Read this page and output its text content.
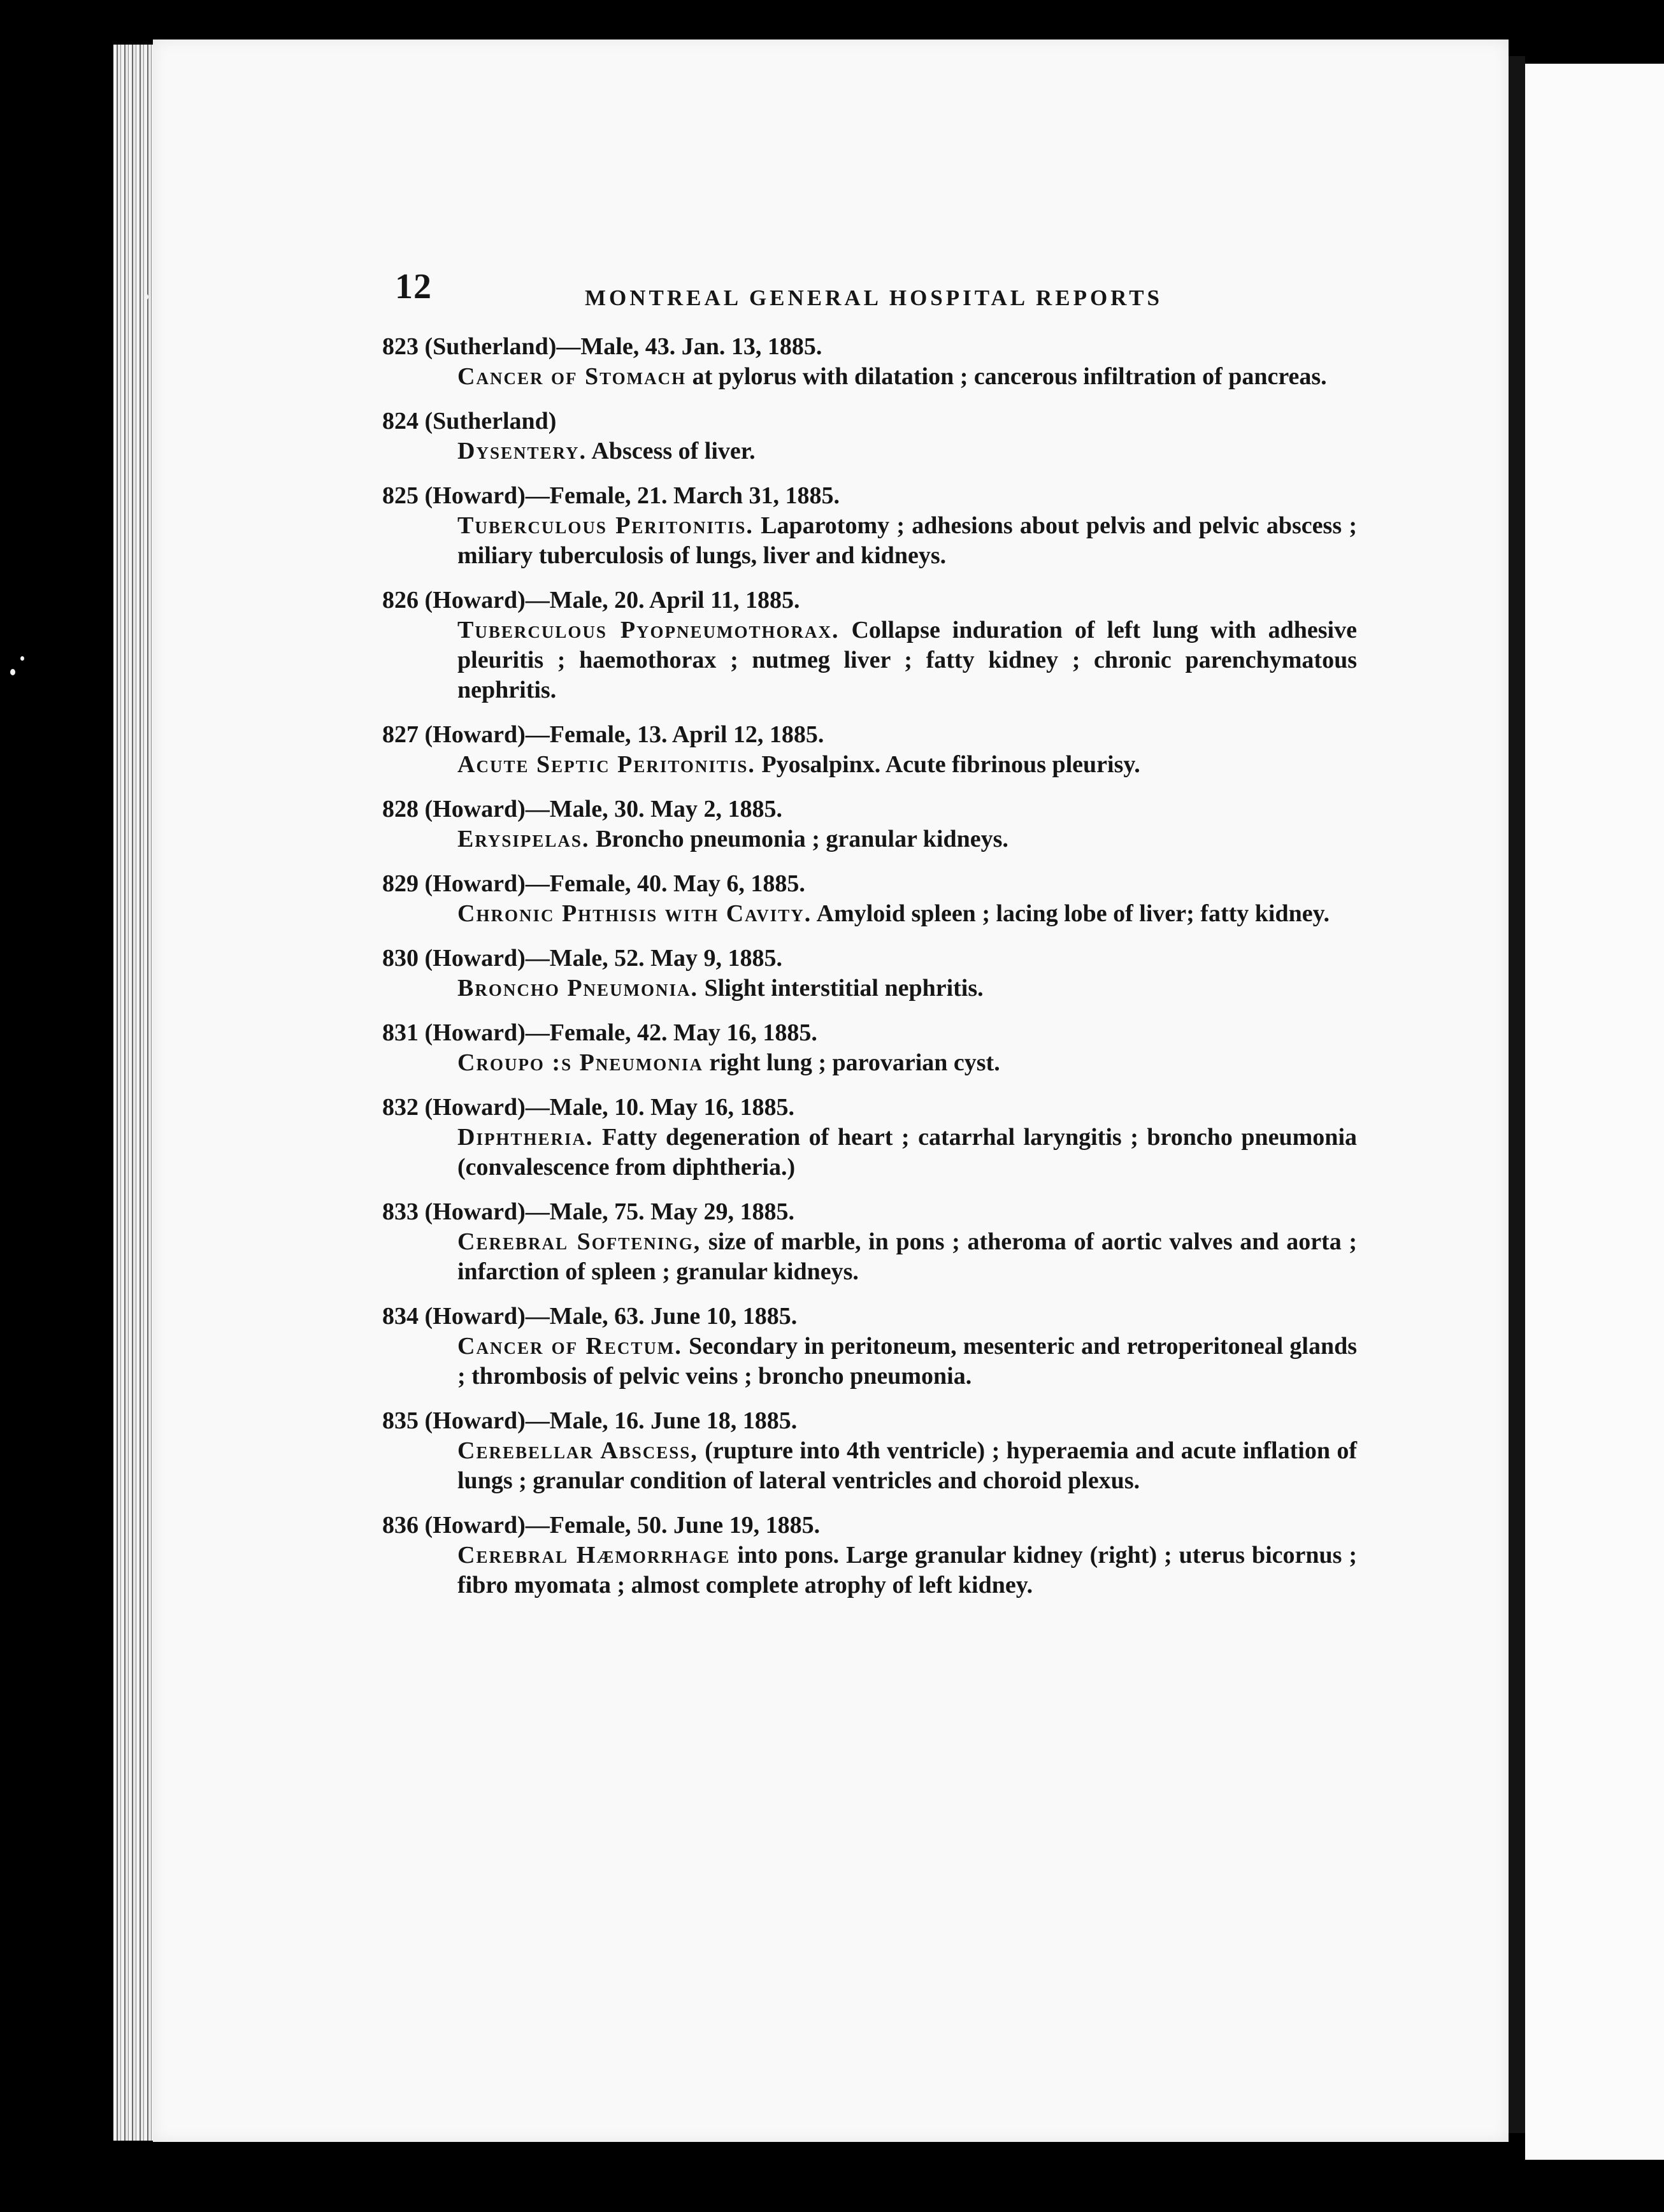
12	MONTREAL GENERAL HOSPITAL REPORTS
823 (Sutherland)—Male, 43. Jan. 13, 1885.
Cancer of Stomach at pylorus with dilatation ; cancerous infiltration of pancreas.
824 (Sutherland)
Dysentery. Abscess of liver.
825 (Howard)—Female, 21. March 31, 1885.
Tuberculous Peritonitis. Laparotomy ; adhesions about pelvis and pelvic abscess ; miliary tuberculosis of lungs, liver and kidneys.
826 (Howard)—Male, 20. April 11, 1885.
Tuberculous Pyopneumothorax. Collapse induration of left lung with adhesive pleuritis ; haemothorax ; nutmeg liver ; fatty kidney ; chronic parenchymatous nephritis.
827 (Howard)—Female, 13. April 12, 1885.
Acute Septic Peritonitis. Pyosalpinx. Acute fibrinous pleurisy.
828 (Howard)—Male, 30. May 2, 1885.
Erysipelas. Broncho pneumonia ; granular kidneys.
829 (Howard)—Female, 40. May 6, 1885.
Chronic Phthisis with Cavity. Amyloid spleen ; lacing lobe of liver; fatty kidney.
830 (Howard)—Male, 52. May 9, 1885.
Broncho Pneumonia. Slight interstitial nephritis.
831 (Howard)—Female, 42. May 16, 1885.
Croupo :s Pneumonia right lung ; parovarian cyst.
832 (Howard)—Male, 10. May 16, 1885.
Diphtheria. Fatty degeneration of heart ; catarrhal laryngitis ; broncho pneumonia (convalescence from diphtheria.)
833 (Howard)—Male, 75. May 29, 1885.
Cerebral Softening, size of marble, in pons ; atheroma of aortic valves and aorta ; infarction of spleen ; granular kidneys.
834 (Howard)—Male, 63. June 10, 1885.
Cancer of Rectum. Secondary in peritoneum, mesenteric and retroperitoneal glands ; thrombosis of pelvic veins ; broncho pneumonia.
835 (Howard)—Male, 16. June 18, 1885.
Cerebellar Abscess, (rupture into 4th ventricle) ; hyperaemia and acute inflation of lungs ; granular condition of lateral ventricles and choroid plexus.
836 (Howard)—Female, 50. June 19, 1885.
Cerebral Hæmorrhage into pons. Large granular kidney (right) ; uterus bicornus ; fibro myomata ; almost complete atrophy of left kidney.
